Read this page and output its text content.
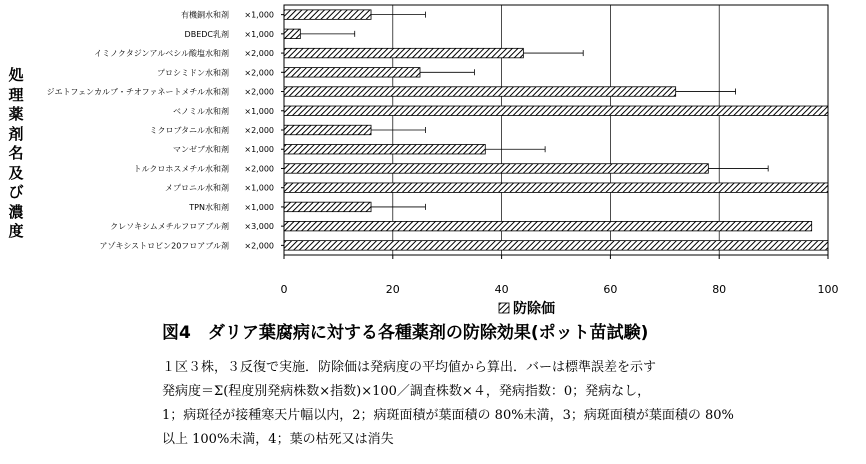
処理薬剤名及び濃度
有機銅水和剤 ×1,000
DBEDC乳剤 ×1,000
イミノクタジンアルベシル酸塩水和剤 ×2,000
プロシミドン水和剤 ×2,000
ジエトフェンカルブ・チオファネートメチル水和剤 ×2,000
ベノミル水和剤 ×1,000
ミクロブタニル水和剤 ×2,000
マンゼブ水和剤 ×1,000
トルクロホスメチル水和剤 ×2,000
メプロニル水和剤 ×1,000
TPN水和剤 ×1,000
クレソキシムメチルフロアブル剤 ×3,000
アゾキシストロビン20フロアブル剤 ×2,000
0	20	40	60	80	100
防除価
図4　ダリア葉腐病に対する各種薬剤の防除効果(ポット苗試験)
１区３株，３反復で実施．防除価は発病度の平均値から算出．バーは標準誤差を示す
発病度＝Σ(程度別発病株数×指数)×100／調査株数×４，発病指数：0；発病なし，
1；病斑径が接種寒天片幅以内，2；病斑面積が葉面積の 80%未満，3；病斑面積が葉面積の 80%
以上 100%未満，4；葉の枯死又は消失
